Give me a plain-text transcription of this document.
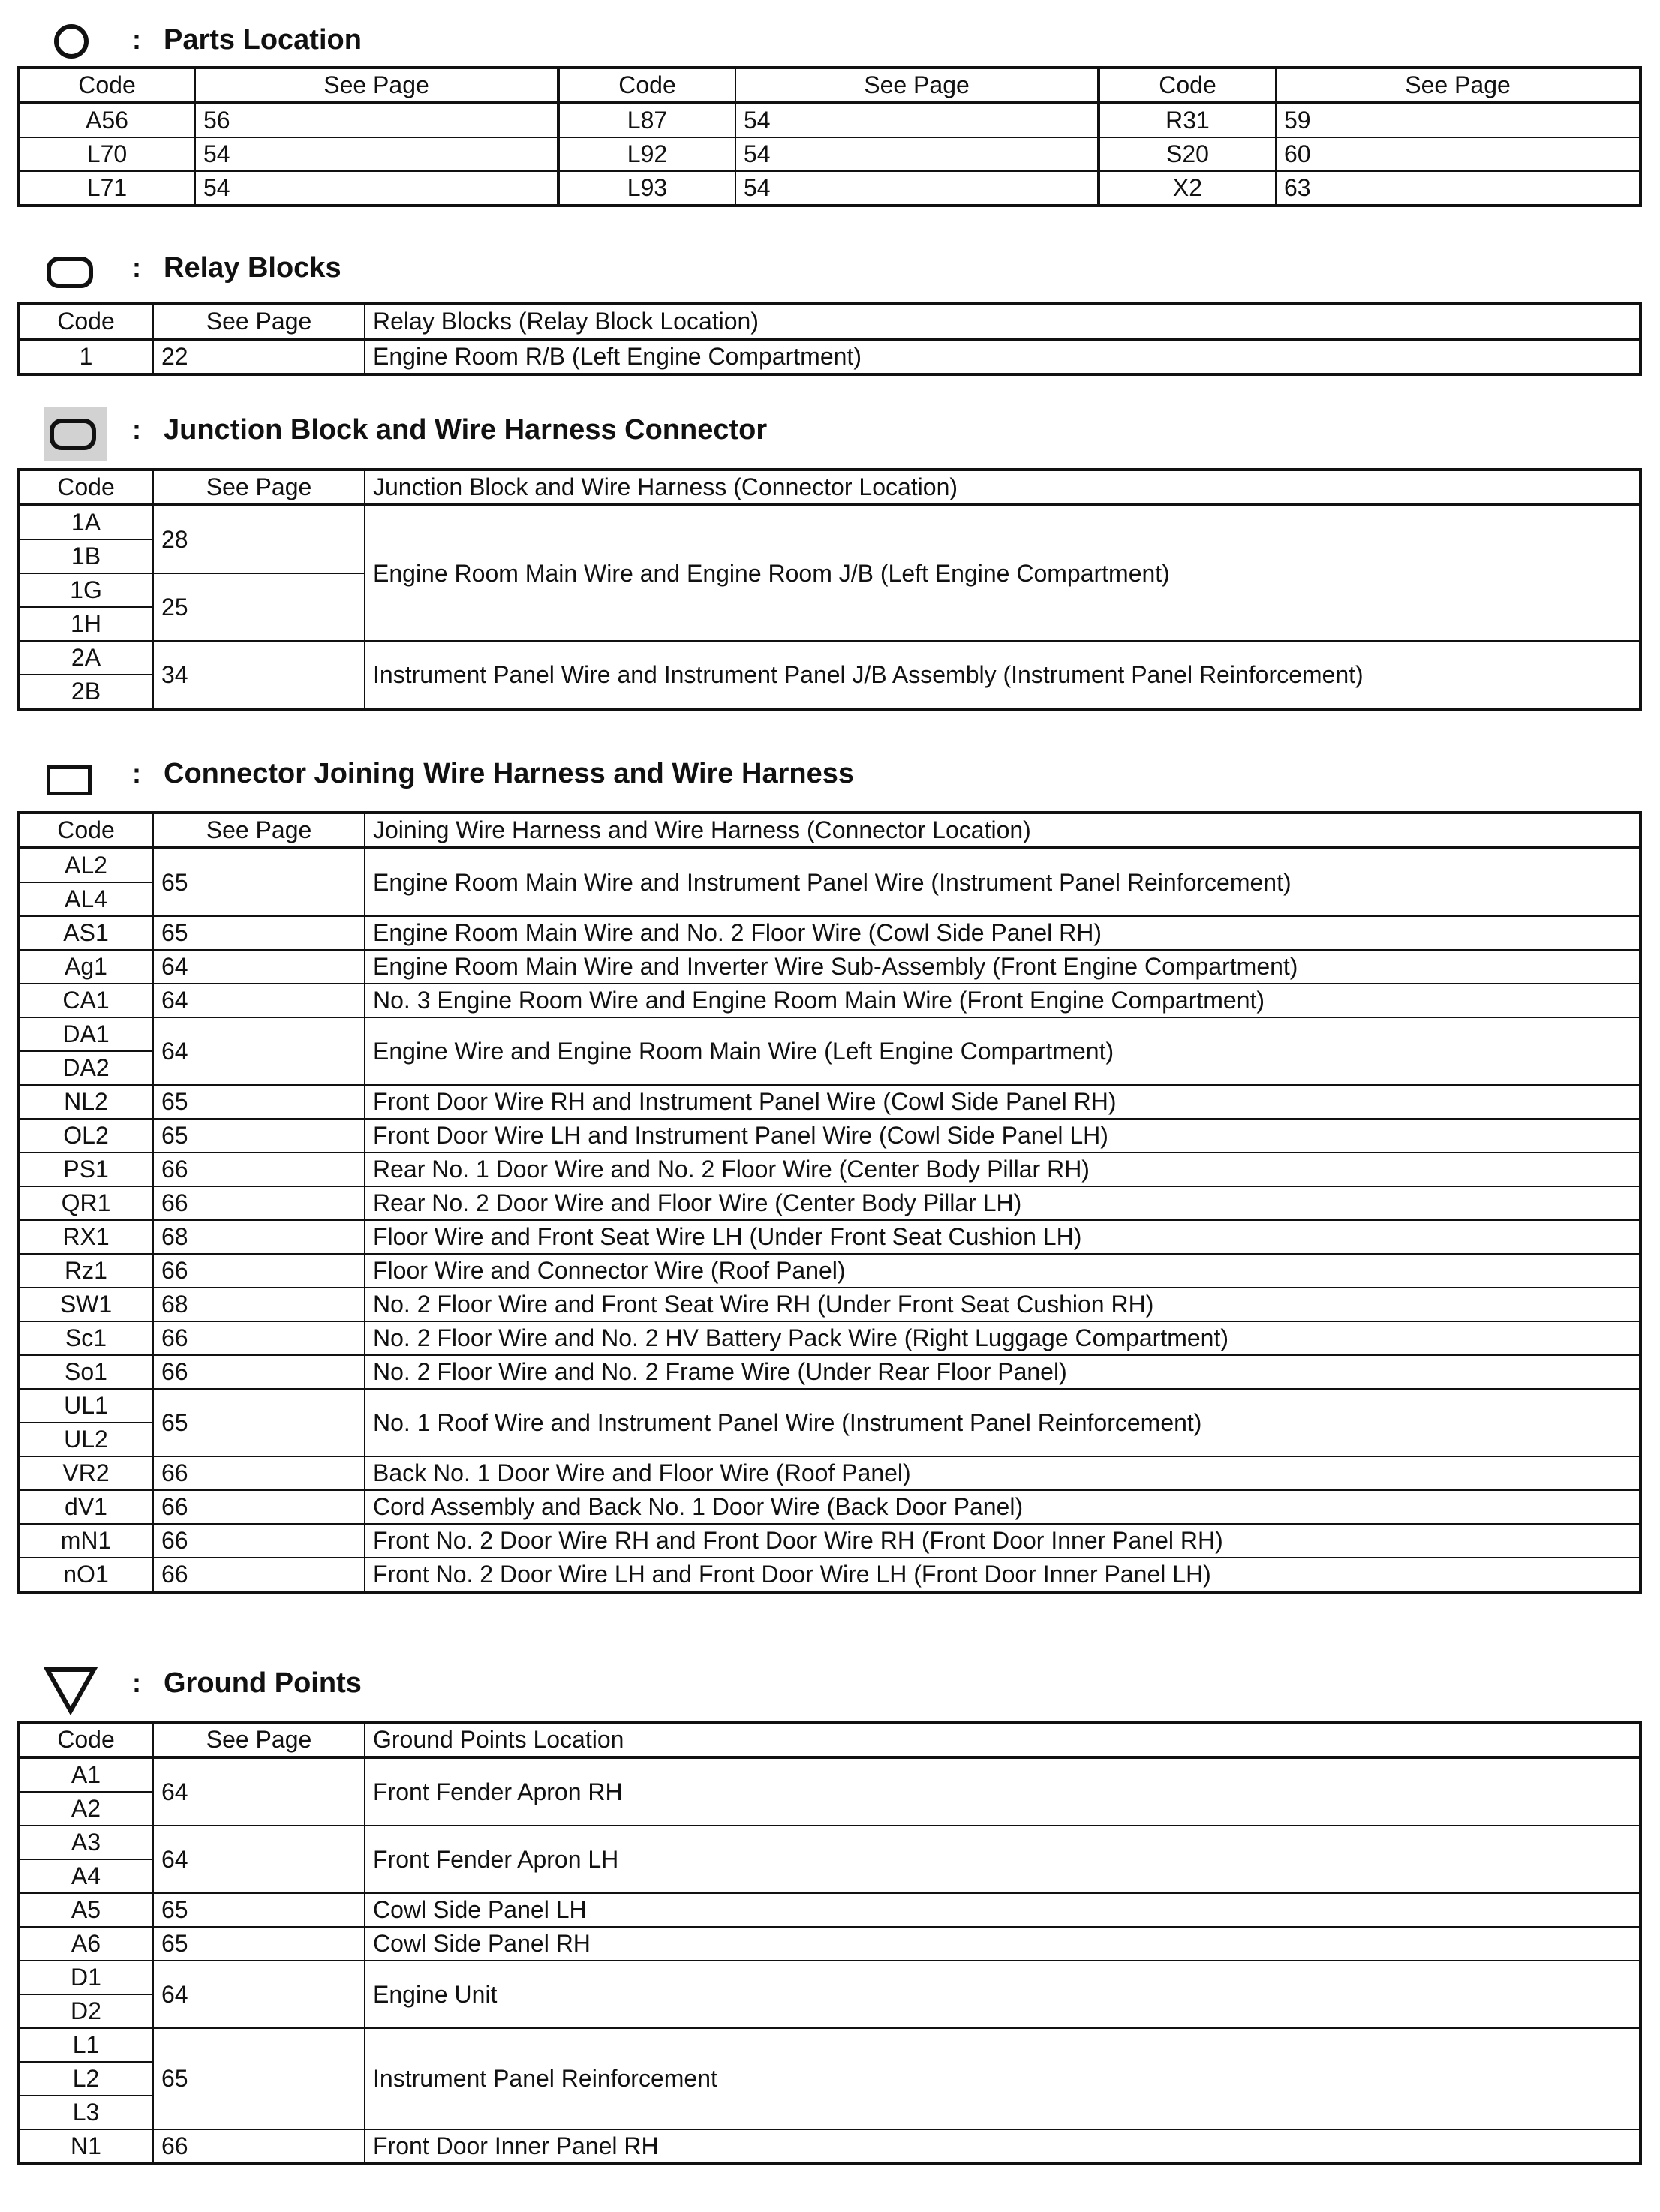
: Parts Location
Code	See Page	Code	See Page	Code	See Page
A56	56	L87	54	R31	59
L70	54	L92	54	S20	60
L71	54	L93	54	X2	63
: Relay Blocks
Code	See Page	Relay Blocks (Relay Block Location)
1	22	Engine Room R/B (Left Engine Compartment)
: Junction Block and Wire Harness Connector
Code	See Page	Junction Block and Wire Harness (Connector Location)
1A	28	Engine Room Main Wire and Engine Room J/B (Left Engine Compartment)
1B		
1G	25	
1H		
2A	34	Instrument Panel Wire and Instrument Panel J/B Assembly (Instrument Panel Reinforcement)
2B		
: Connector Joining Wire Harness and Wire Harness
Code	See Page	Joining Wire Harness and Wire Harness (Connector Location)
AL2	65	Engine Room Main Wire and Instrument Panel Wire (Instrument Panel Reinforcement)
AL4		
AS1	65	Engine Room Main Wire and No. 2 Floor Wire (Cowl Side Panel RH)
Ag1	64	Engine Room Main Wire and Inverter Wire Sub-Assembly (Front Engine Compartment)
CA1	64	No. 3 Engine Room Wire and Engine Room Main Wire (Front Engine Compartment)
DA1	64	Engine Wire and Engine Room Main Wire (Left Engine Compartment)
DA2		
NL2	65	Front Door Wire RH and Instrument Panel Wire (Cowl Side Panel RH)
OL2	65	Front Door Wire LH and Instrument Panel Wire (Cowl Side Panel LH)
PS1	66	Rear No. 1 Door Wire and No. 2 Floor Wire (Center Body Pillar RH)
QR1	66	Rear No. 2 Door Wire and Floor Wire (Center Body Pillar LH)
RX1	68	Floor Wire and Front Seat Wire LH (Under Front Seat Cushion LH)
Rz1	66	Floor Wire and Connector Wire (Roof Panel)
SW1	68	No. 2 Floor Wire and Front Seat Wire RH (Under Front Seat Cushion RH)
Sc1	66	No. 2 Floor Wire and No. 2 HV Battery Pack Wire (Right Luggage Compartment)
So1	66	No. 2 Floor Wire and No. 2 Frame Wire (Under Rear Floor Panel)
UL1	65	No. 1 Roof Wire and Instrument Panel Wire (Instrument Panel Reinforcement)
UL2		
VR2	66	Back No. 1 Door Wire and Floor Wire (Roof Panel)
dV1	66	Cord Assembly and Back No. 1 Door Wire (Back Door Panel)
mN1	66	Front No. 2 Door Wire RH and Front Door Wire RH (Front Door Inner Panel RH)
nO1	66	Front No. 2 Door Wire LH and Front Door Wire LH (Front Door Inner Panel LH)
: Ground Points
Code	See Page	Ground Points Location
A1	64	Front Fender Apron RH
A2		
A3	64	Front Fender Apron LH
A4		
A5	65	Cowl Side Panel LH
A6	65	Cowl Side Panel RH
D1	64	Engine Unit
D2		
L1	65	Instrument Panel Reinforcement
L2		
L3		
N1	66	Front Door Inner Panel RH
